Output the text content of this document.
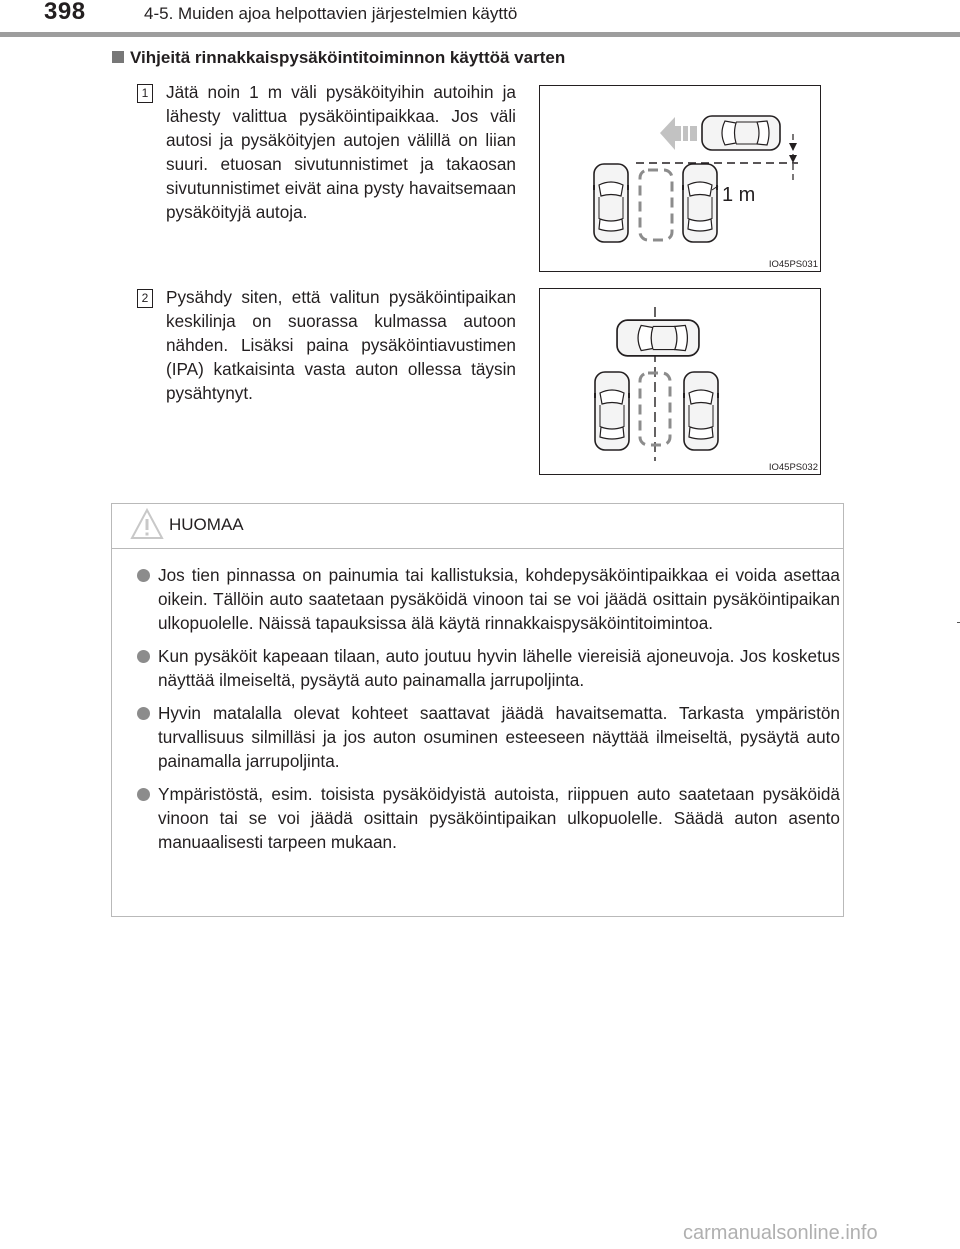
398	4-5. Muiden ajoa helpottavien järjestelmien käyttö
Vihjeitä rinnakkaispysäköintitoiminnon käyttöä varten
1 Jätä noin 1 m väli pysäköityihin autoihin ja lähesty valittua pysäköintipaikkaa. Jos väli autosi ja pysäköityjen autojen välillä on liian suuri. etuosan sivutunnistimet ja takaosan sivutunnistimet eivät aina pysty havaitsemaan pysäköityjä autoja.
1 m
IO45PS031
2 Pysähdy siten, että valitun pysäköintipaikan keskilinja on suorassa kulmassa autoon nähden. Lisäksi paina pysäköintiavustimen (IPA) katkaisinta vasta auton ollessa täysin pysähtynyt.
IO45PS032
HUOMAA
Jos tien pinnassa on painumia tai kallistuksia, kohdepysäköintipaikkaa ei voida asettaa oikein. Tällöin auto saatetaan pysäköidä vinoon tai se voi jäädä osittain pysäköintipaikan ulkopuolelle. Näissä tapauksissa älä käytä rinnakkaispysäköintitoimintoa.
Kun pysäköit kapeaan tilaan, auto joutuu hyvin lähelle viereisiä ajoneuvoja. Jos kosketus näyttää ilmeiseltä, pysäytä auto painamalla jarrupoljinta.
Hyvin matalalla olevat kohteet saattavat jäädä havaitsematta. Tarkasta ympäristön turvallisuus silmilläsi ja jos auton osuminen esteeseen näyttää ilmeiseltä, pysäytä auto painamalla jarrupoljinta.
Ympäristöstä, esim. toisista pysäköidyistä autoista, riippuen auto saatetaan pysäköidä vinoon tai se voi jäädä osittain pysäköintipaikan ulkopuolelle. Säädä auton asento manuaalisesti tarpeen mukaan.
carmanualsonline.info
